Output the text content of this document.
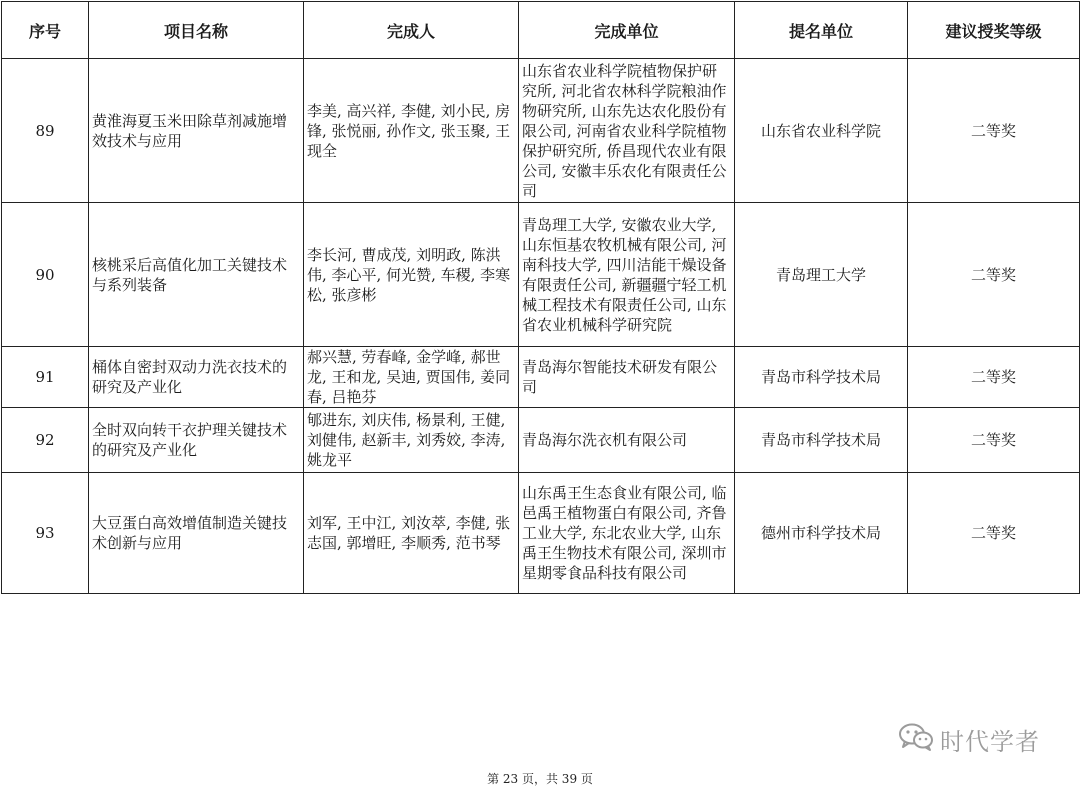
序号	项目名称	完成人	完成单位	提名单位	建议授奖等级
89	黄淮海夏玉米田除草剂减施增效技术与应用	李美, 高兴祥, 李健, 刘小民, 房锋, 张悦丽, 孙作文, 张玉聚, 王现全	山东省农业科学院植物保护研究所, 河北省农林科学院粮油作物研究所, 山东先达农化股份有限公司, 河南省农业科学院植物保护研究所, 侨昌现代农业有限公司, 安徽丰乐农化有限责任公司	山东省农业科学院	二等奖
90	核桃采后高值化加工关键技术与系列装备	李长河, 曹成茂, 刘明政, 陈洪伟, 李心平, 何光赞, 车稷, 李寒松, 张彦彬	青岛理工大学, 安徽农业大学, 山东恒基农牧机械有限公司, 河南科技大学, 四川洁能干燥设备有限责任公司, 新疆疆宁轻工机械工程技术有限责任公司, 山东省农业机械科学研究院	青岛理工大学	二等奖
91	桶体自密封双动力洗衣技术的研究及产业化	郝兴慧, 劳春峰, 金学峰, 郝世龙, 王和龙, 吴迪, 贾国伟, 姜同春, 吕艳芬	青岛海尔智能技术研发有限公司	青岛市科学技术局	二等奖
92	全时双向转干衣护理关键技术的研究及产业化	郇进东, 刘庆伟, 杨景利, 王健, 刘健伟, 赵新丰, 刘秀姣, 李涛, 姚龙平	青岛海尔洗衣机有限公司	青岛市科学技术局	二等奖
93	大豆蛋白高效增值制造关键技术创新与应用	刘军, 王中江, 刘汝萃, 李健, 张志国, 郭增旺, 李顺秀, 范书琴	山东禹王生态食业有限公司, 临邑禹王植物蛋白有限公司, 齐鲁工业大学, 东北农业大学, 山东禹王生物技术有限公司, 深圳市星期零食品科技有限公司	德州市科学技术局	二等奖
时代学者
第 23 页，共 39 页
